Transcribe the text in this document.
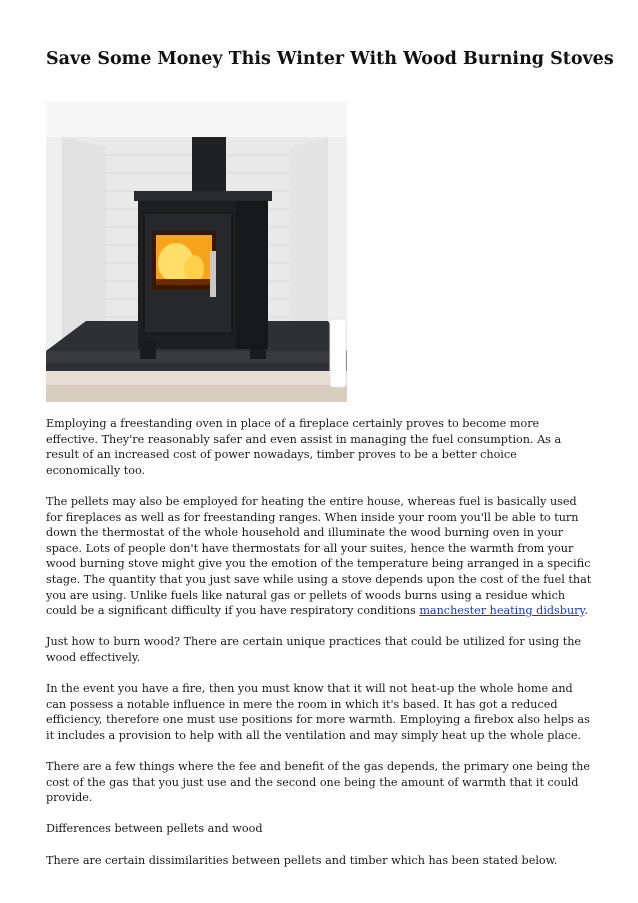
Save Some Money This Winter With Wood Burning Stoves

Employing a freestanding oven in place of a fireplace certainly proves to become more effective. They're reasonably safer and even assist in managing the fuel consumption. As a result of an increased cost of power nowadays, timber proves to be a better choice economically too.

The pellets may also be employed for heating the entire house, whereas fuel is basically used for fireplaces as well as for freestanding ranges. When inside your room you'll be able to turn down the thermostat of the whole household and illuminate the wood burning oven in your space. Lots of people don't have thermostats for all your suites, hence the warmth from your wood burning stove might give you the emotion of the temperature being arranged in a specific stage. The quantity that you just save while using a stove depends upon the cost of the fuel that you are using. Unlike fuels like natural gas or pellets of woods burns using a residue which could be a significant difficulty if you have respiratory conditions manchester heating didsbury.

Just how to burn wood? There are certain unique practices that could be utilized for using the wood effectively.

In the event you have a fire, then you must know that it will not heat-up the whole home and can possess a notable influence in mere the room in which it's based. It has got a reduced efficiency, therefore one must use positions for more warmth. Employing a firebox also helps as it includes a provision to help with all the ventilation and may simply heat up the whole place.

There are a few things where the fee and benefit of the gas depends, the primary one being the cost of the gas that you just use and the second one being the amount of warmth that it could provide.

Differences between pellets and wood

There are certain dissimilarities between pellets and timber which has been stated below.
